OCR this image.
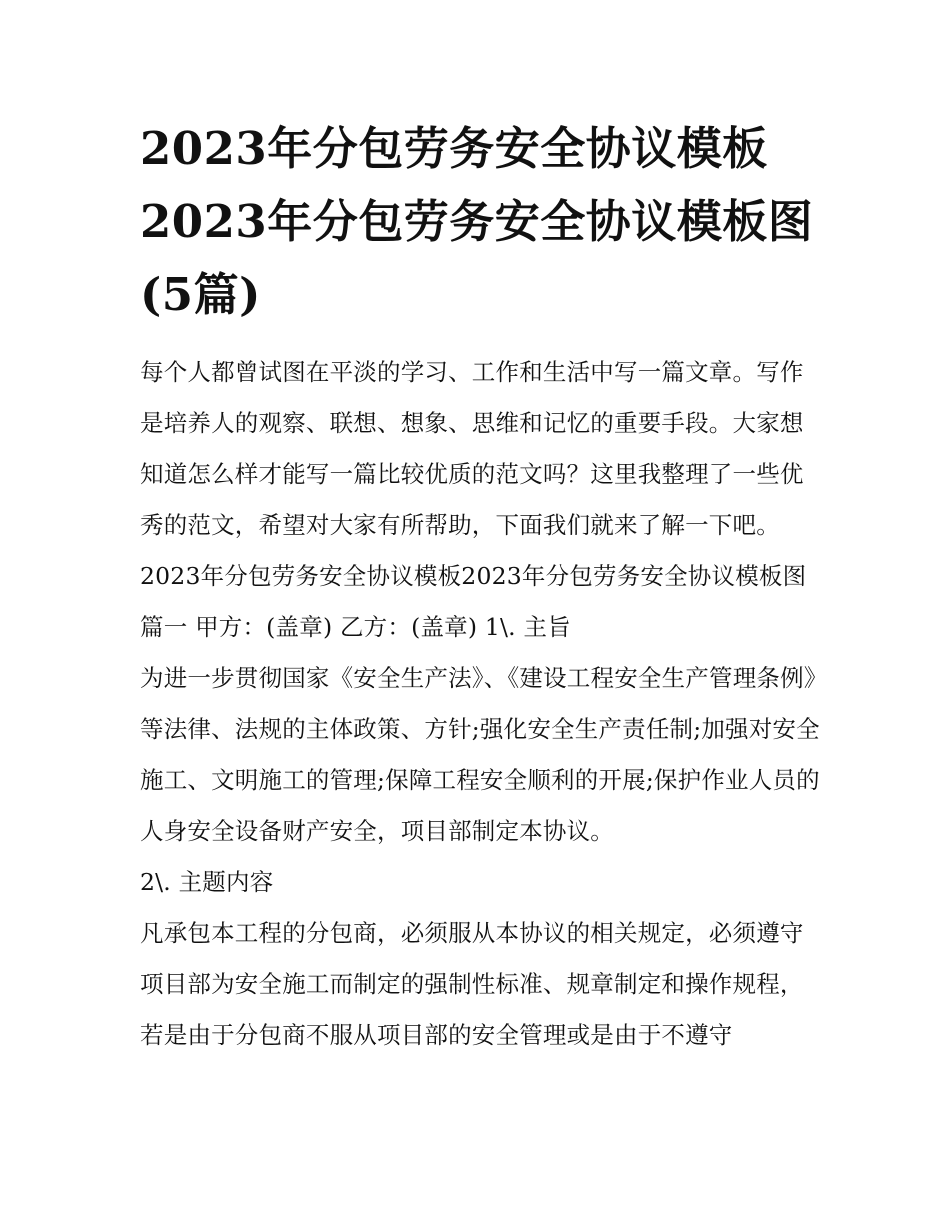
2023年分包劳务安全协议模板2023年分包劳务安全协议模板图(5篇)

每个人都曾试图在平淡的学习、工作和生活中写一篇文章。写作是培养人的观察、联想、想象、思维和记忆的重要手段。大家想知道怎么样才能写一篇比较优质的范文吗？这里我整理了一些优秀的范文，希望对大家有所帮助，下面我们就来了解一下吧。

2023年分包劳务安全协议模板2023年分包劳务安全协议模板图篇一 甲方：(盖章) 乙方：(盖章) 1\. 主旨

为进一步贯彻国家《安全生产法》、《建设工程安全生产管理条例》等法律、法规的主体政策、方针;强化安全生产责任制;加强对安全施工、文明施工的管理;保障工程安全顺利的开展;保护作业人员的人身安全设备财产安全，项目部制定本协议。

2\. 主题内容

凡承包本工程的分包商，必须服从本协议的相关规定，必须遵守项目部为安全施工而制定的强制性标准、规章制定和操作规程，若是由于分包商不服从项目部的安全管理或是由于不遵守
